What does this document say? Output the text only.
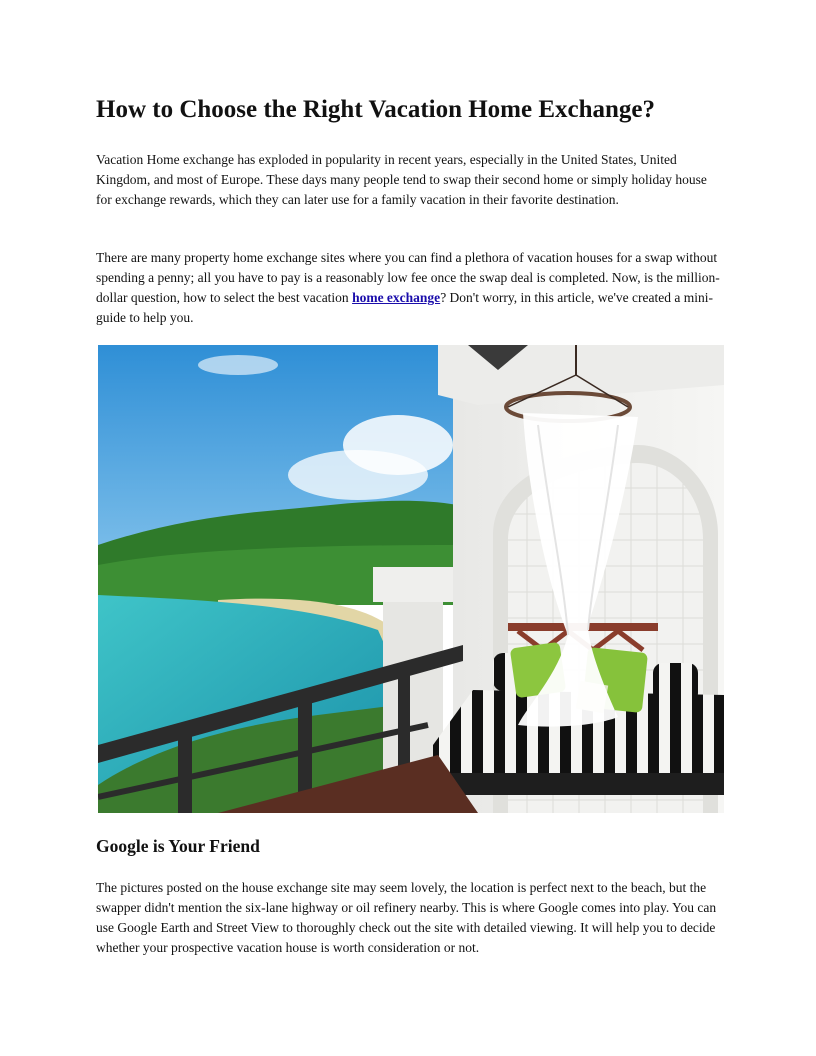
How to Choose the Right Vacation Home Exchange?

Vacation Home exchange has exploded in popularity in recent years, especially in the United States, United Kingdom, and most of Europe. These days many people tend to swap their second home or simply holiday house for exchange rewards, which they can later use for a family vacation in their favorite destination.

There are many property home exchange sites where you can find a plethora of vacation houses for a swap without spending a penny; all you have to pay is a reasonably low fee once the swap deal is completed. Now, is the million-dollar question, how to select the best vacation home exchange? Don't worry, in this article, we've created a mini-guide to help you.

Google is Your Friend

The pictures posted on the house exchange site may seem lovely, the location is perfect next to the beach, but the swapper didn't mention the six-lane highway or oil refinery nearby. This is where Google comes into play. You can use Google Earth and Street View to thoroughly check out the site with detailed viewing. It will help you to decide whether your prospective vacation house is worth consideration or not.
